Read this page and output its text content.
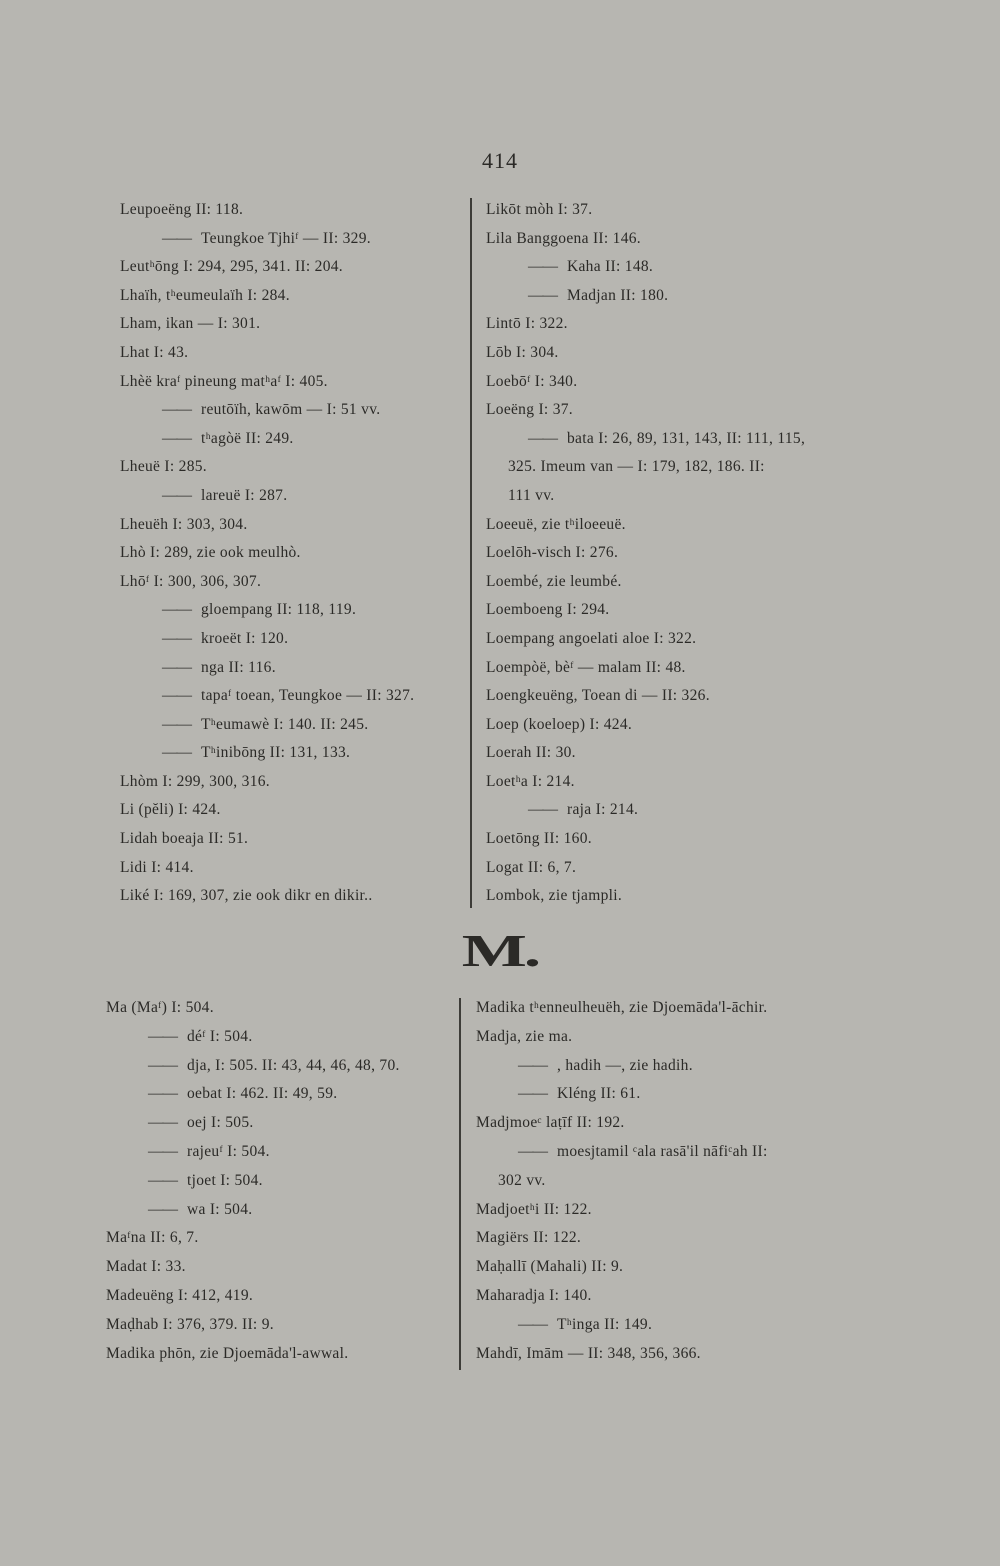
414
Leupoeëng II: 118.
—— Teungkoe Tjhiᶠ — II: 329.
Leutʰōng I: 294, 295, 341. II: 204.
Lhaïh, tʰeumeulaïh I: 284.
Lham, ikan — I: 301.
Lhat I: 43.
Lhèë kraᶠ pineung matʰaᶠ I: 405.
—— reutōïh, kawōm — I: 51 vv.
—— tʰagòë II: 249.
Lheuë I: 285.
—— lareuë I: 287.
Lheuëh I: 303, 304.
Lhò I: 289, zie ook meulhò.
Lhōᶠ I: 300, 306, 307.
—— gloempang II: 118, 119.
—— kroeët I: 120.
—— nga II: 116.
—— tapaᶠ toean, Teungkoe — II: 327.
—— Tʰeumawè I: 140. II: 245.
—— Tʰinibōng II: 131, 133.
Lhòm I: 299, 300, 316.
Li (pĕli) I: 424.
Lidah boeaja II: 51.
Lidi I: 414.
Liké I: 169, 307, zie ook dikr en dikir..
Likōt mòh I: 37.
Lila Banggoena II: 146.
—— Kaha II: 148.
—— Madjan II: 180.
Lintō I: 322.
Lōb I: 304.
Loebōᶠ I: 340.
Loeëng I: 37.
—— bata I: 26, 89, 131, 143, II: 111, 115,
325. Imeum van — I: 179, 182, 186. II:
111 vv.
Loeeuë, zie tʰiloeeuë.
Loelōh-visch I: 276.
Loembé, zie leumbé.
Loemboeng I: 294.
Loempang angoelati aloe I: 322.
Loempòë, bèᶠ — malam II: 48.
Loengkeuëng, Toean di — II: 326.
Loep (koeloep) I: 424.
Loerah II: 30.
Loetʰa I: 214.
—— raja I: 214.
Loetōng II: 160.
Logat II: 6, 7.
Lombok, zie tjampli.
M.
Ma (Maᶠ) I: 504.
—— déᶠ I: 504.
—— dja, I: 505. II: 43, 44, 46, 48, 70.
—— oebat I: 462. II: 49, 59.
—— oej I: 505.
—— rajeuᶠ I: 504.
—— tjoet I: 504.
—— wa I: 504.
Maᶠna II: 6, 7.
Madat I: 33.
Madeuëng I: 412, 419.
Maḍhab I: 376, 379. II: 9.
Madika phōn, zie Djoemāda'l-awwal.
Madika tʰenneulheuëh, zie Djoemāda'l-āchir.
Madja, zie ma.
—— , hadih —, zie hadih.
—— Kléng II: 61.
Madjmoeᶜ laṭīf II: 192.
—— moesjtamil ᶜala rasā'il nāfiᶜah II:
302 vv.
Madjoetʰi II: 122.
Magiërs II: 122.
Maḥallī (Mahali) II: 9.
Maharadja I: 140.
—— Tʰinga II: 149.
Mahdī, Imām — II: 348, 356, 366.
